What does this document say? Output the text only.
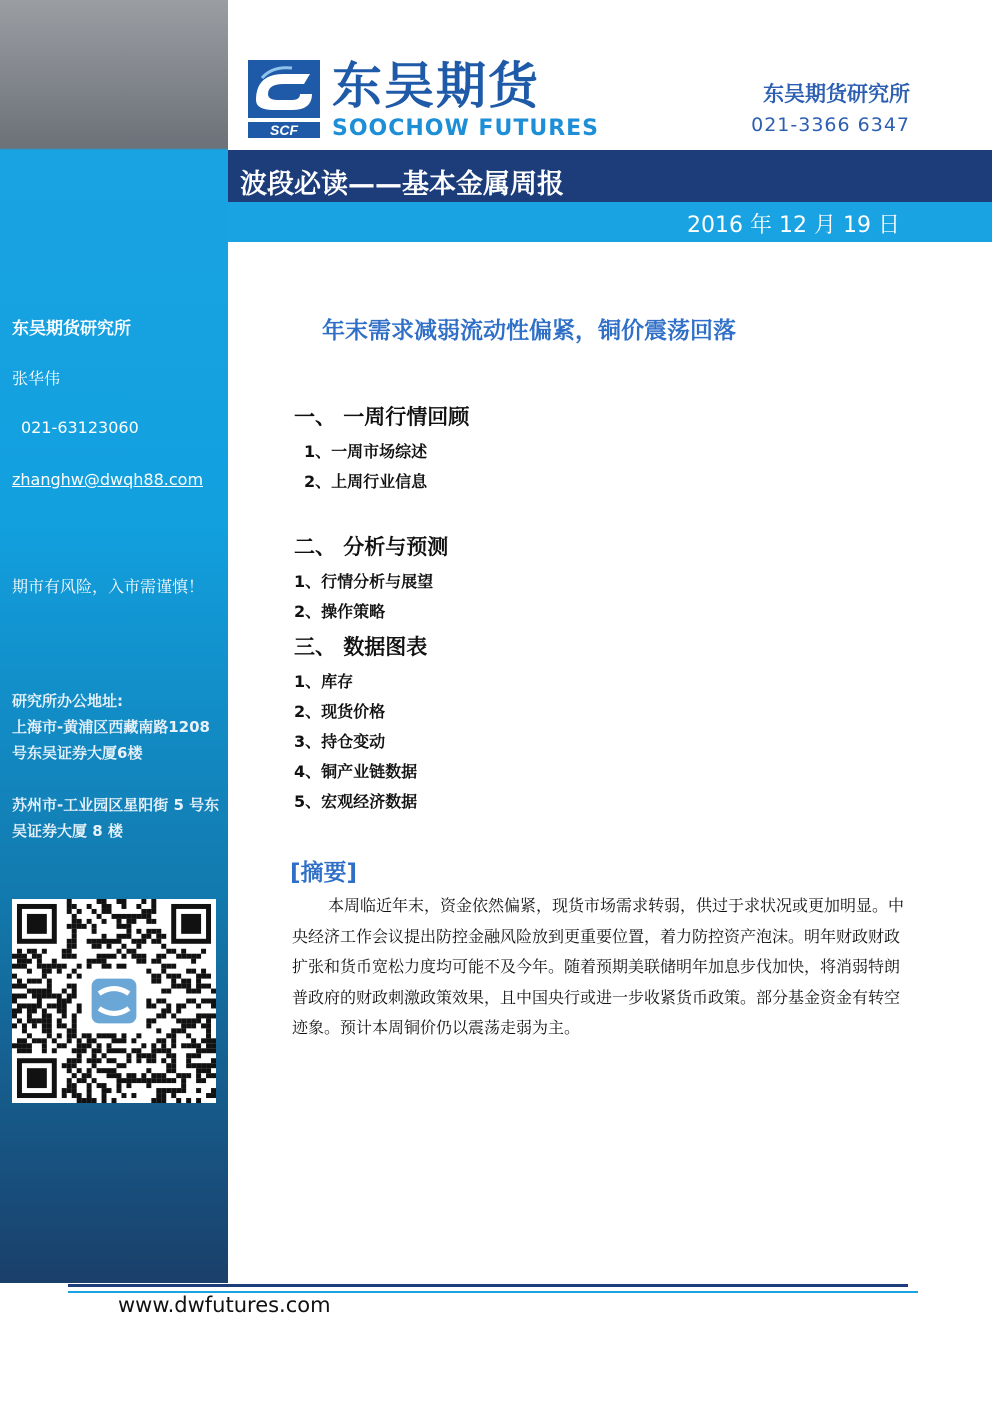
东吴期货研究所
张华伟
021-63123060
zhanghw@dwqh88.com
期市有风险，入市需谨慎！
研究所办公地址:
上海市-黄浦区西藏南路1208号东吴证券大厦6楼
苏州市-工业园区星阳街 5 号东吴证券大厦 8 楼
SCF
东吴期货
SOOCHOW FUTURES
东吴期货研究所
021-3366 6347
波段必读——基本金属周报
2016 年 12 月 19 日
年末需求减弱流动性偏紧，铜价震荡回落
一、 一周行情回顾
1、一周市场综述
2、上周行业信息
二、 分析与预测
1、行情分析与展望
2、操作策略
三、 数据图表
1、库存
2、现货价格
3、持仓变动
4、铜产业链数据
5、宏观经济数据
[摘要]
本周临近年末，资金依然偏紧，现货市场需求转弱，供过于求状况或更加明显。中央经济工作会议提出防控金融风险放到更重要位置，着力防控资产泡沫。明年财政财政扩张和货币宽松力度均可能不及今年。随着预期美联储明年加息步伐加快，将消弱特朗普政府的财政刺激政策效果，且中国央行或进一步收紧货币政策。部分基金资金有转空迹象。预计本周铜价仍以震荡走弱为主。
www.dwfutures.com
